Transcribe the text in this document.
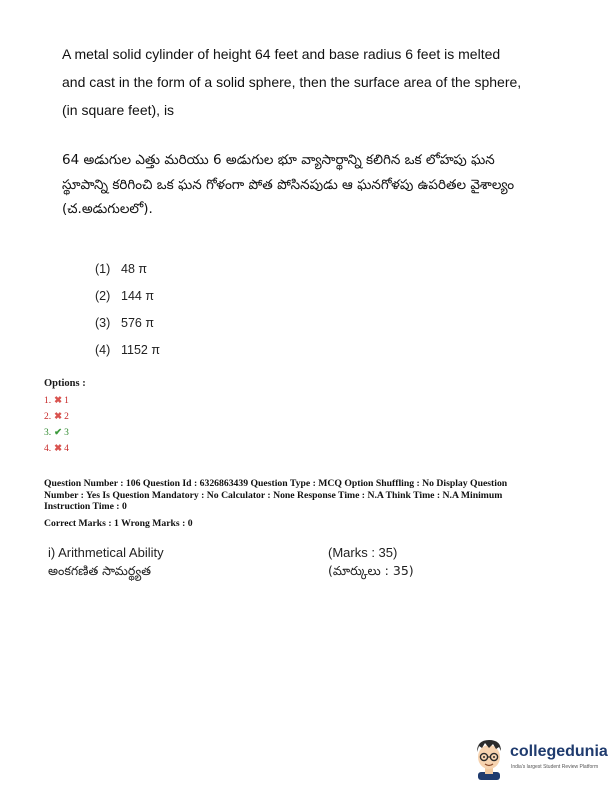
A metal solid cylinder of height 64 feet and base radius 6 feet is melted and cast in the form of a solid sphere, then the surface area of the sphere,(in square feet), is
64 అడుగుల ఎత్తు మరియు 6 అడుగుల భూ వ్యాసార్థాన్ని కలిగిన ఒక లోహపు ఘన స్థూపాన్ని కరిగించి ఒక ఘన గోళంగా పోత పోసినపుడు ఆ ఘనగోళపు ఉపరితల వైశాల్యం (చ.అడుగులలో).
(1) 48 π
(2) 144 π
(3) 576 π
(4) 1152 π
Options :
1. ✖ 1
2. ✖ 2
3. ✔ 3
4. ✖ 4
Question Number : 106 Question Id : 6326863439 Question Type : MCQ Option Shuffling : No Display Question
Number : Yes Is Question Mandatory : No Calculator : None Response Time : N.A Think Time : N.A Minimum
Instruction Time : 0
Correct Marks : 1 Wrong Marks : 0
i) Arithmetical Ability	(Marks : 35)
అంకగణిత సామర్థ్యత	(మార్కులు : 35)
collegedunia
India's largest Student Review Platform
